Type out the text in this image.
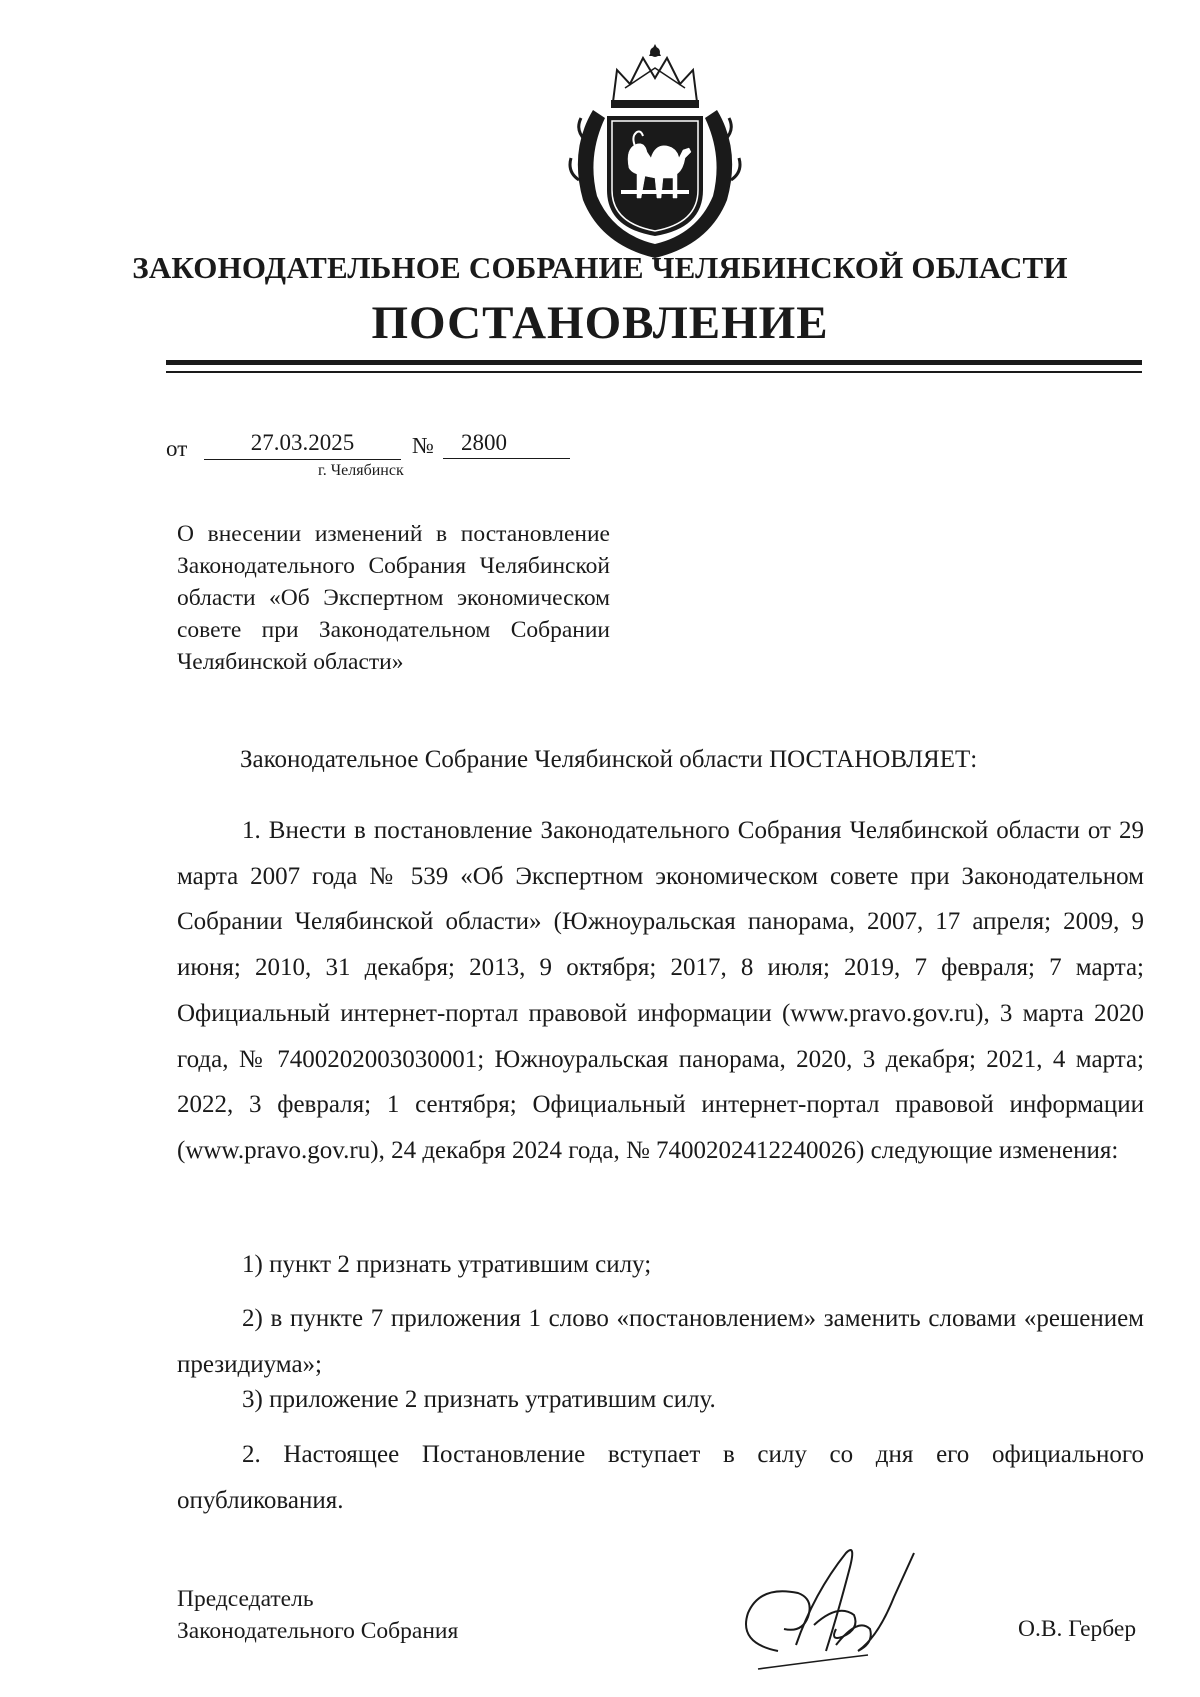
ЗАКОНОДАТЕЛЬНОЕ СОБРАНИЕ ЧЕЛЯБИНСКОЙ ОБЛАСТИ
ПОСТАНОВЛЕНИЕ
от	27.03.2025	№	2800
г. Челябинск
О внесении изменений в постановление Законодательного Собрания Челябинской области «Об Экспертном экономическом совете при Законодательном Собрании Челябинской области»
Законодательное Собрание Челябинской области ПОСТАНОВЛЯЕТ:

1. Внести в постановление Законодательного Собрания Челябинской области от 29 марта 2007 года № 539 «Об Экспертном экономическом совете при Законодательном Собрании Челябинской области» (Южноуральская панорама, 2007, 17 апреля; 2009, 9 июня; 2010, 31 декабря; 2013, 9 октября; 2017, 8 июля; 2019, 7 февраля; 7 марта; Официальный интернет-портал правовой информации (www.pravo.gov.ru), 3 марта 2020 года, № 7400202003030001; Южноуральская панорама, 2020, 3 декабря; 2021, 4 марта; 2022, 3 февраля; 1 сентября; Официальный интернет-портал правовой информации (www.pravo.gov.ru), 24 декабря 2024 года, № 7400202412240026) следующие изменения:

1) пункт 2 признать утратившим силу;

2) в пункте 7 приложения 1 слово «постановлением» заменить словами «решением президиума»;

3) приложение 2 признать утратившим силу.

2. Настоящее Постановление вступает в силу со дня его официального опубликования.

Председатель
Законодательного Собрания	О.В. Гербер
